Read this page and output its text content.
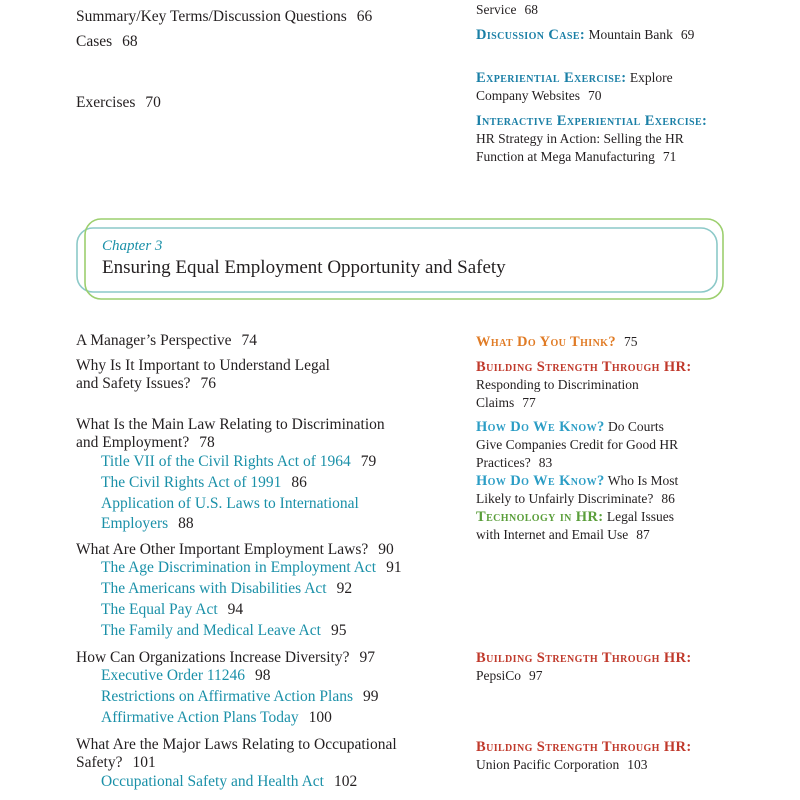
Summary/Key Terms/Discussion Questions 66
Cases 68
Exercises 70
Service 68
Discussion Case: Mountain Bank 69
Experiential Exercise: Explore Company Websites 70
Interactive Experiential Exercise: HR Strategy in Action: Selling the HR Function at Mega Manufacturing 71
Chapter 3
Ensuring Equal Employment Opportunity and Safety
A Manager’s Perspective 74
Why Is It Important to Understand Legal
and Safety Issues? 76
What Is the Main Law Relating to Discrimination
and Employment? 78
Title VII of the Civil Rights Act of 1964 79
The Civil Rights Act of 1991 86
Application of U.S. Laws to International
Employers 88
What Are Other Important Employment Laws? 90
The Age Discrimination in Employment Act 91
The Americans with Disabilities Act 92
The Equal Pay Act 94
The Family and Medical Leave Act 95
How Can Organizations Increase Diversity? 97
Executive Order 11246 98
Restrictions on Affirmative Action Plans 99
Affirmative Action Plans Today 100
What Are the Major Laws Relating to Occupational
Safety? 101
Occupational Safety and Health Act 102
What Do You Think? 75
Building Strength Through HR:
Responding to Discrimination
Claims 77
How Do We Know? Do Courts
Give Companies Credit for Good HR
Practices? 83
How Do We Know? Who Is Most
Likely to Unfairly Discriminate? 86
Technology in HR: Legal Issues
with Internet and Email Use 87
Building Strength Through HR:
PepsiCo 97
Building Strength Through HR:
Union Pacific Corporation 103
